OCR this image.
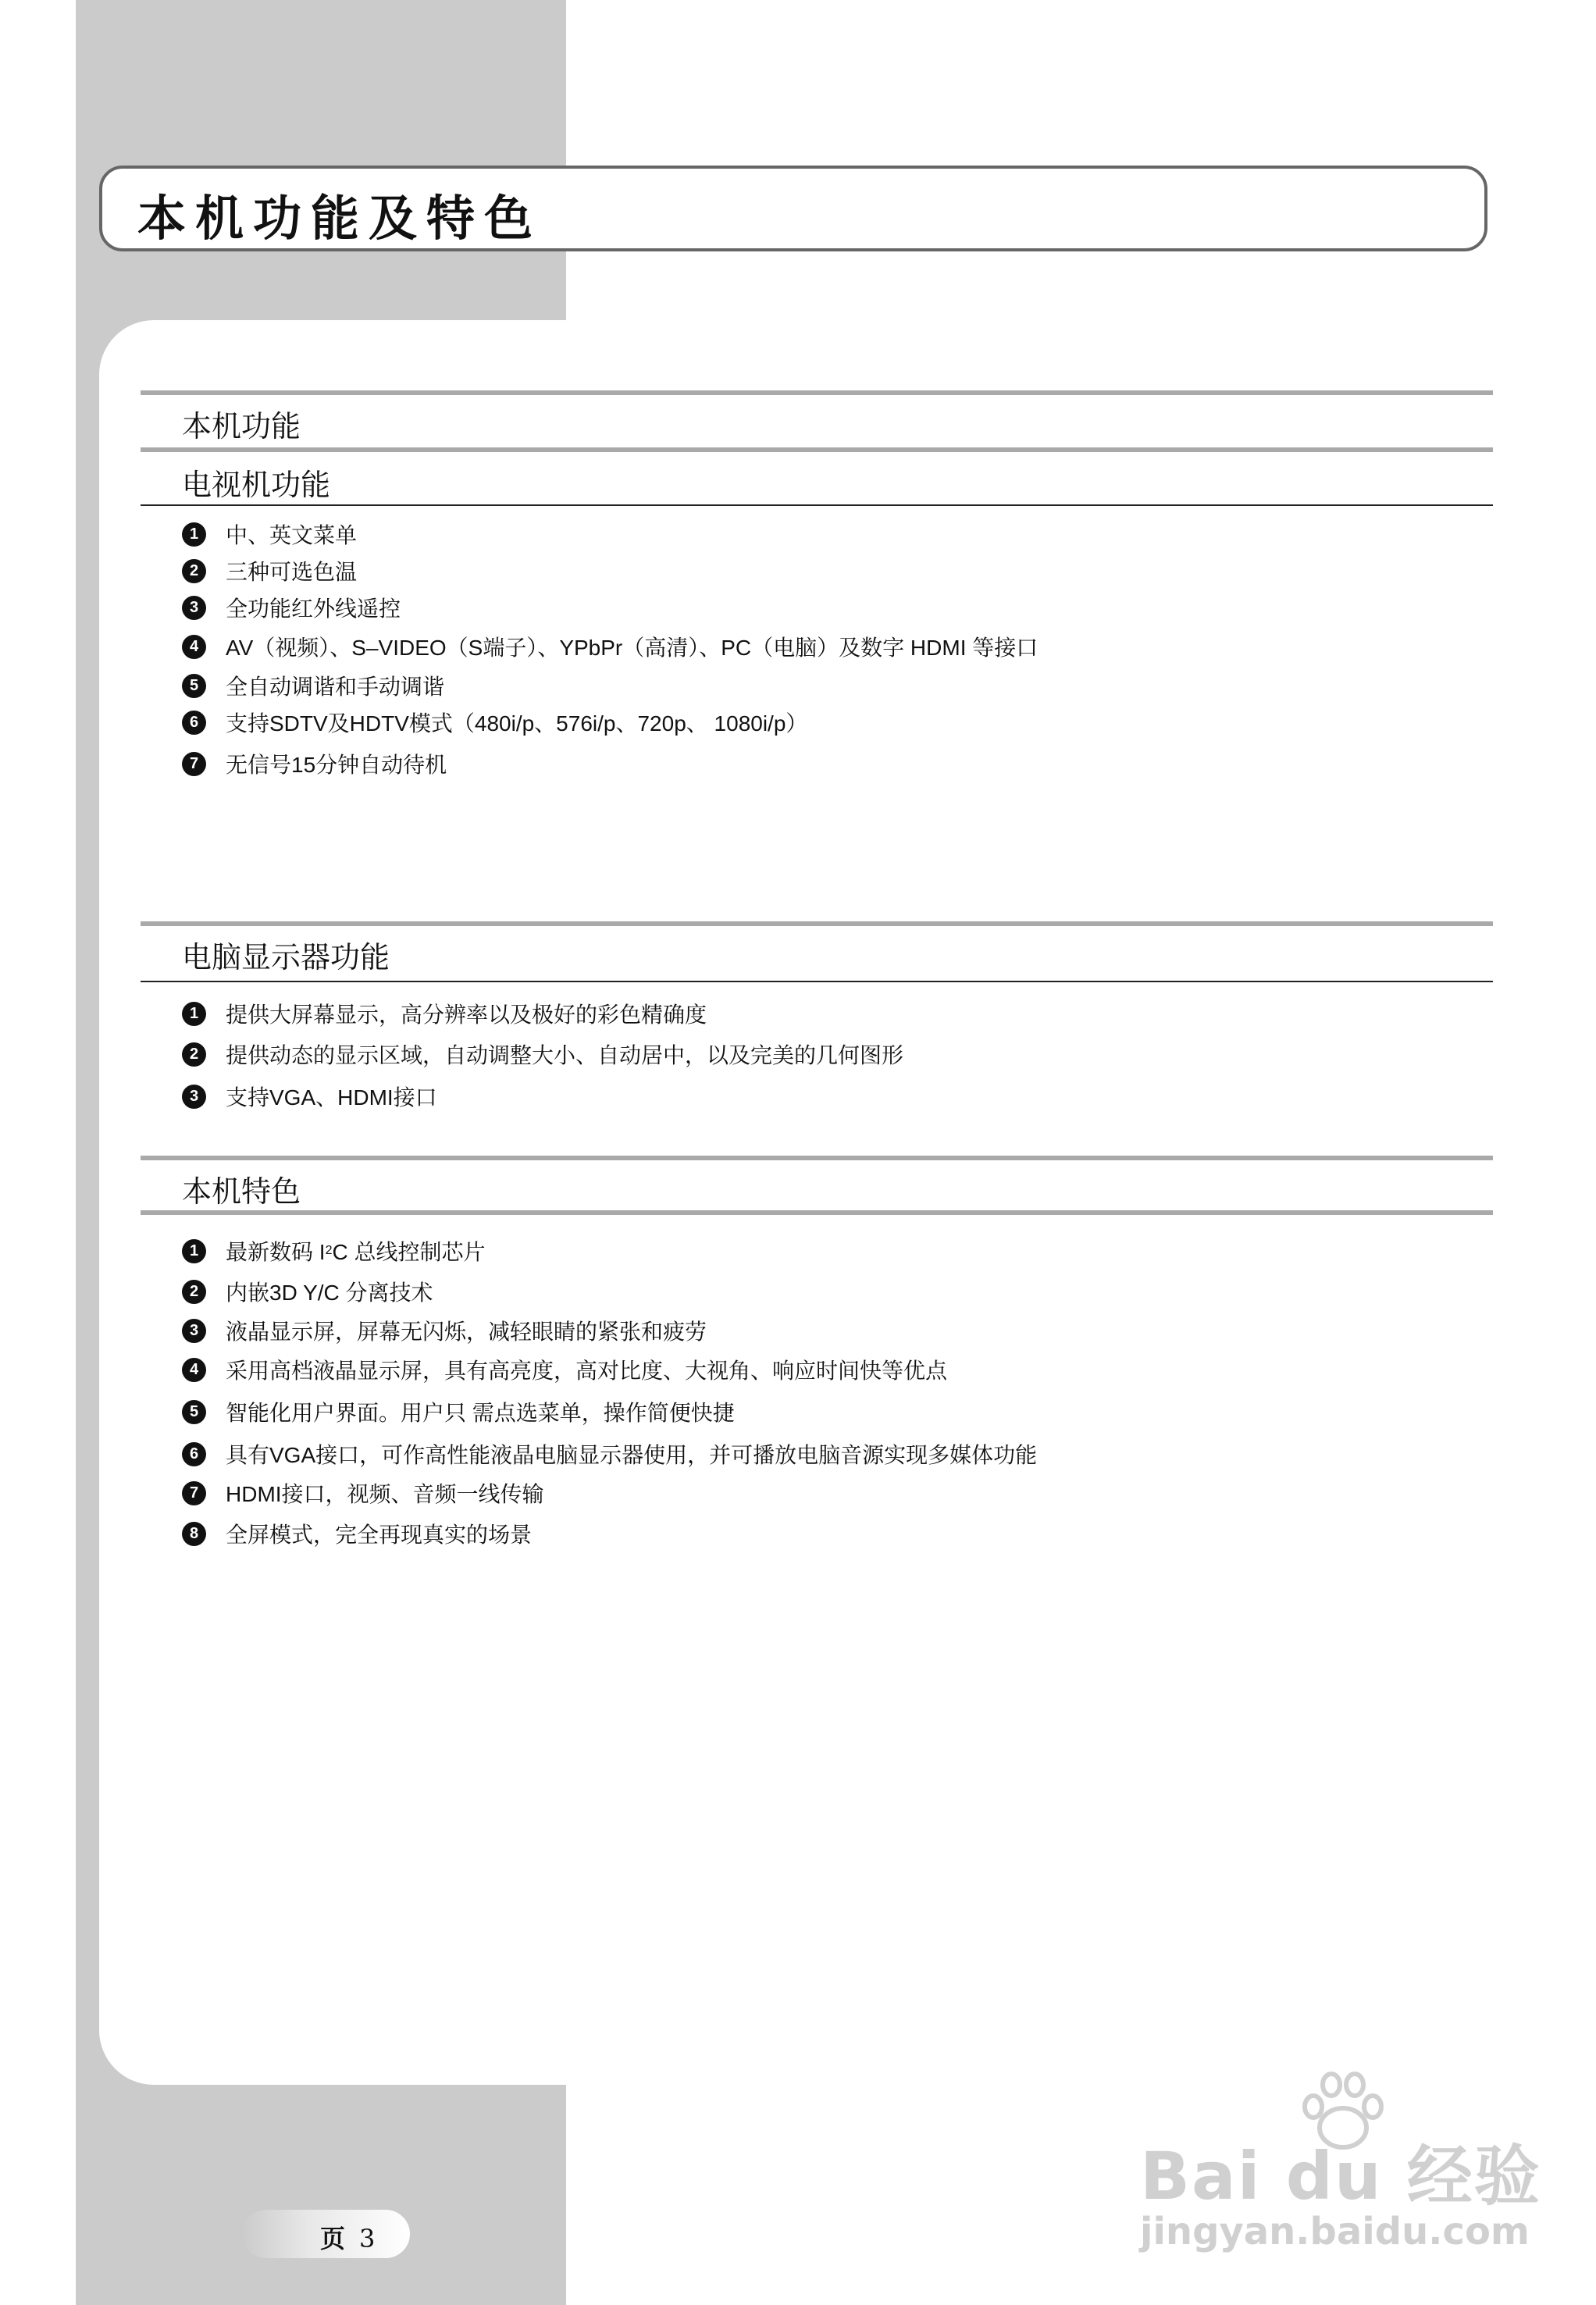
本机功能及特色
本机功能
电视机功能
1	中、英文菜单
2	三种可选色温
3	全功能红外线遥控
4	AV（视频）、S–VIDEO（S端子）、YPbPr（高清）、PC（电脑）及数字 HDMI 等接口
5	全自动调谐和手动调谐
6	支持SDTV及HDTV模式（480i/p、576i/p、720p、 1080i/p）
7	无信号15分钟自动待机
电脑显示器功能
1	提供大屏幕显示，高分辨率以及极好的彩色精确度
2	提供动态的显示区域，自动调整大小、自动居中，以及完美的几何图形
3	支持VGA、HDMI接口
本机特色
1	最新数码 I 2 C 总线控制芯片
2	内嵌3D Y/C 分离技术
3	液晶显示屏，屏幕无闪烁，减轻眼睛的紧张和疲劳
4	采用高档液晶显示屏，具有高亮度，高对比度、大视角、响应时间快等优点
5	智能化用户界面。用户只 需点选菜单，操作简便快捷
6	具有VGA接口，可作高性能液晶电脑显示器使用，并可播放电脑音源实现多媒体功能
7	HDMI接口，视频、音频一线传输
8	全屏模式，完全再现真实的场景
页 3
Bai du 经验
jingyan.baidu.com
